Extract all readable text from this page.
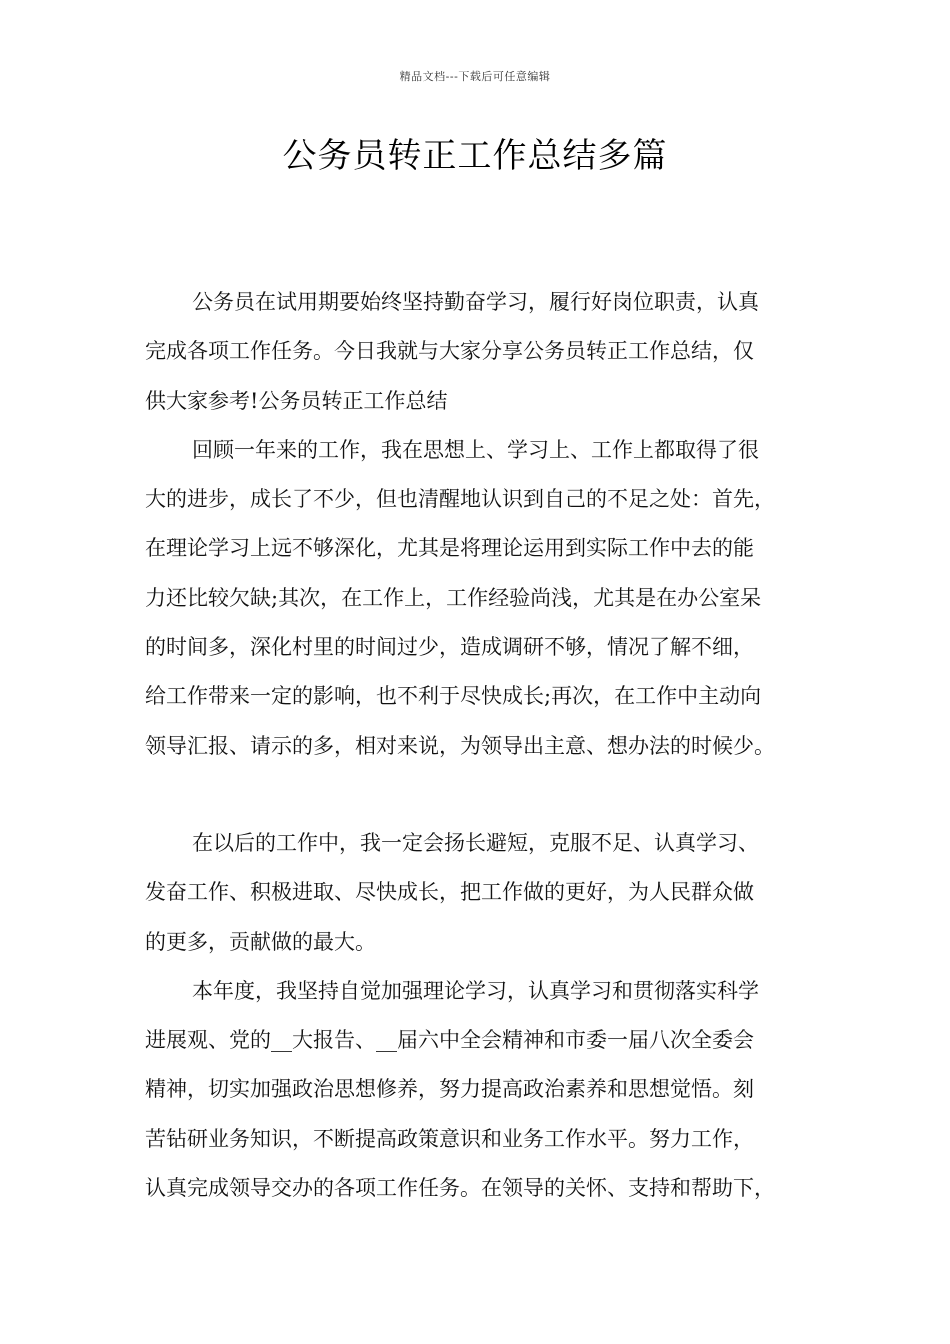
精品文档---下载后可任意编辑
公务员转正工作总结多篇
公务员在试用期要始终坚持勤奋学习，履行好岗位职责，认真
完成各项工作任务。今日我就与大家分享公务员转正工作总结，仅
供大家参考!公务员转正工作总结
回顾一年来的工作，我在思想上、学习上、工作上都取得了很
大的进步，成长了不少，但也清醒地认识到自己的不足之处：首先，
在理论学习上远不够深化，尤其是将理论运用到实际工作中去的能
力还比较欠缺;其次，在工作上，工作经验尚浅，尤其是在办公室呆
的时间多，深化村里的时间过少，造成调研不够，情况了解不细，
给工作带来一定的影响，也不利于尽快成长;再次，在工作中主动向
领导汇报、请示的多，相对来说，为领导出主意、想办法的时候少。
在以后的工作中，我一定会扬长避短，克服不足、认真学习、
发奋工作、积极进取、尽快成长，把工作做的更好，为人民群众做
的更多，贡献做的最大。
本年度，我坚持自觉加强理论学习，认真学习和贯彻落实科学
进展观、党的__大报告、__届六中全会精神和市委一届八次全委会
精神，切实加强政治思想修养，努力提高政治素养和思想觉悟。刻
苦钻研业务知识，不断提高政策意识和业务工作水平。努力工作，
认真完成领导交办的各项工作任务。在领导的关怀、支持和帮助下，
